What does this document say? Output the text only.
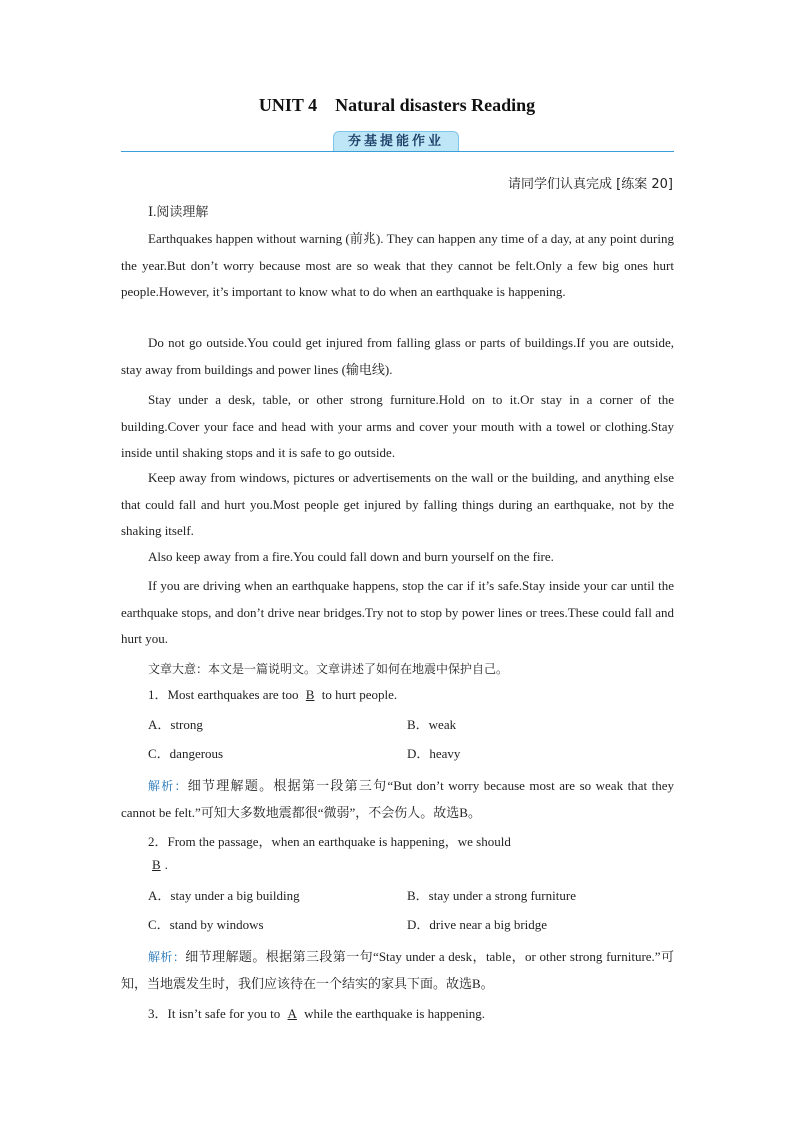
UNIT 4    Natural disasters Reading
夯基提能作业
请同学们认真完成 [练案 20]
Ⅰ.阅读理解
Earthquakes happen without warning (前兆). They can happen any time of a day, at any point during the year.But don’t worry because most are so weak that they cannot be felt.Only a few big ones hurt people.However, it’s important to know what to do when an earthquake is happening.
Do not go outside.You could get injured from falling glass or parts of buildings.If you are outside, stay away from buildings and power lines (输电线).
Stay under a desk, table, or other strong furniture.Hold on to it.Or stay in a corner of the building.Cover your face and head with your arms and cover your mouth with a towel or clothing.Stay inside until shaking stops and it is safe to go outside.
Keep away from windows, pictures or advertisements on the wall or the building, and anything else that could fall and hurt you.Most people get injured by falling things during an earthquake, not by the shaking itself.
Also keep away from a fire.You could fall down and burn yourself on the fire.
If you are driving when an earthquake happens, stop the car if it’s safe.Stay inside your car until the earthquake stops, and don’t drive near bridges.Try not to stop by power lines or trees.These could fall and hurt you.
文章大意：本文是一篇说明文。文章讲述了如何在地震中保护自己。
1．Most earthquakes are too B to hurt people.
A．strong	B．weak
C．dangerous	D．heavy
解析：细节理解题。根据第一段第三句“But don’t worry because most are so weak that they cannot be felt.”可知大多数地震都很“微弱”，不会伤人。故选B。
2．From the passage，when an earthquake is happening，we should
B .
A．stay under a big building	B．stay under a strong furniture
C．stand by windows	D．drive near a big bridge
解析：细节理解题。根据第三段第一句“Stay under a desk，table，or other strong furniture.”可知，当地震发生时，我们应该待在一个结实的家具下面。故选B。
3．It isn’t safe for you to A while the earthquake is happening.
